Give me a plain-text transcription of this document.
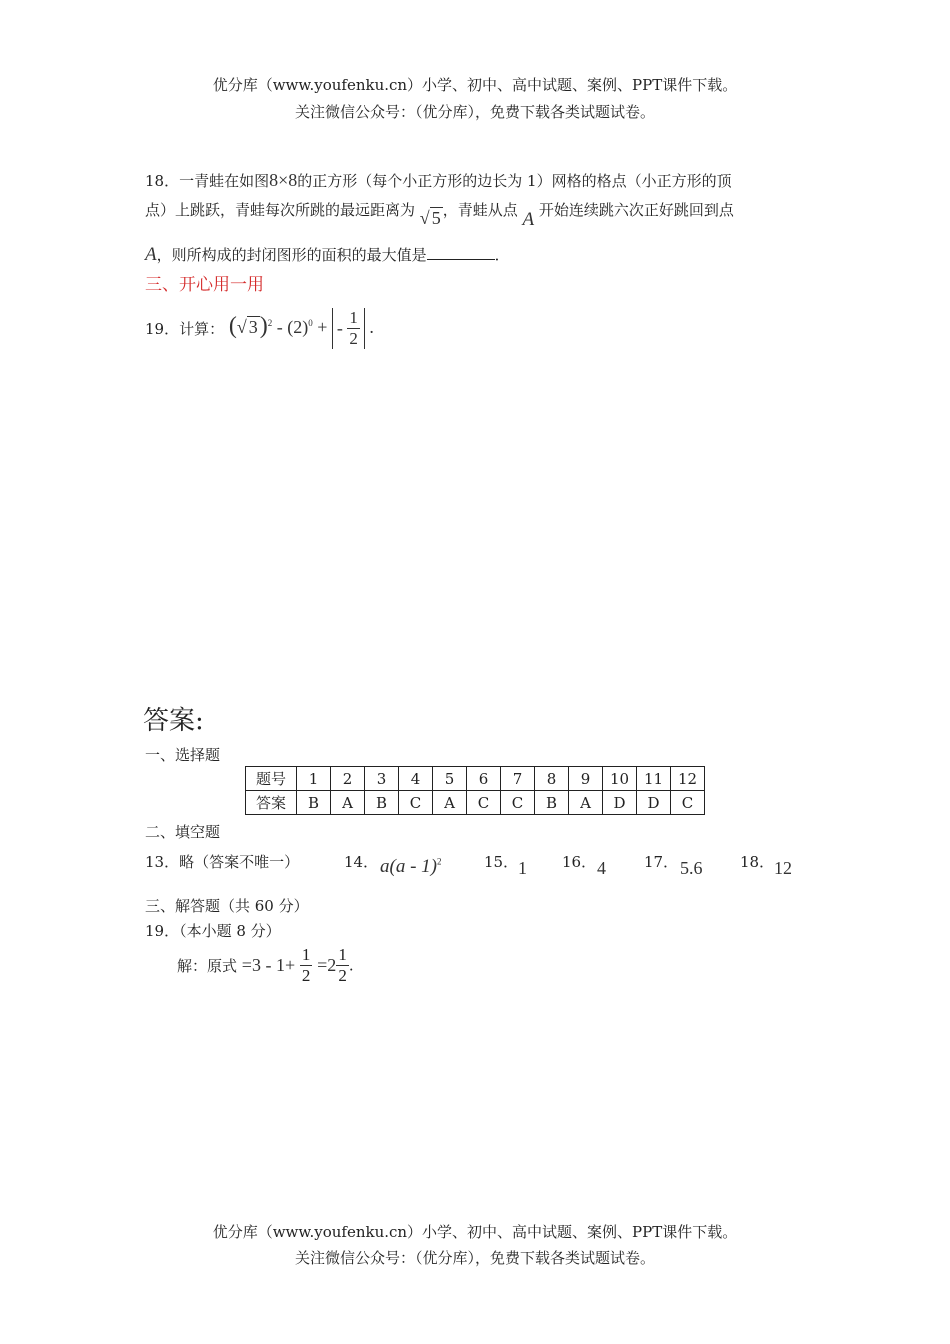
优分库（www.youfenku.cn）小学、初中、高中试题、案例、PPT课件下载。
关注微信公众号：（优分库），免费下载各类试题试卷。
18．一青蛙在如图8×8的正方形（每个小正方形的边长为 1）网格的格点（小正方形的顶
点）上跳跃，青蛙每次所跳的最远距离为 √ 5 ，青蛙从点 A 开始连续跳六次正好跳回到点
A，则所构成的封闭图形的面积的最大值是	．
三、开心用一用
19．计算： (√ $3)^2 - (2)^0$ + - $\frac{1}{2}$ .
答案:
一、选择题
题号	1	2	3	4	5	6	7	8	9	10	11	12
答案	B	A	B	C	A	C	C	B	A	D	D	C
二、填空题
13．略（答案不唯一）	14． a(a - 1)$^2$	15． 1 16． 4	17． 5.6	18． 12
三、解答题（共 60 分）
19．（本小题 8 分）
解：原式 $=3 - 1+ \frac{1}{2} =2 \frac{1}{2}$ .
优分库（www.youfenku.cn）小学、初中、高中试题、案例、PPT课件下载。
关注微信公众号：（优分库），免费下载各类试题试卷。
